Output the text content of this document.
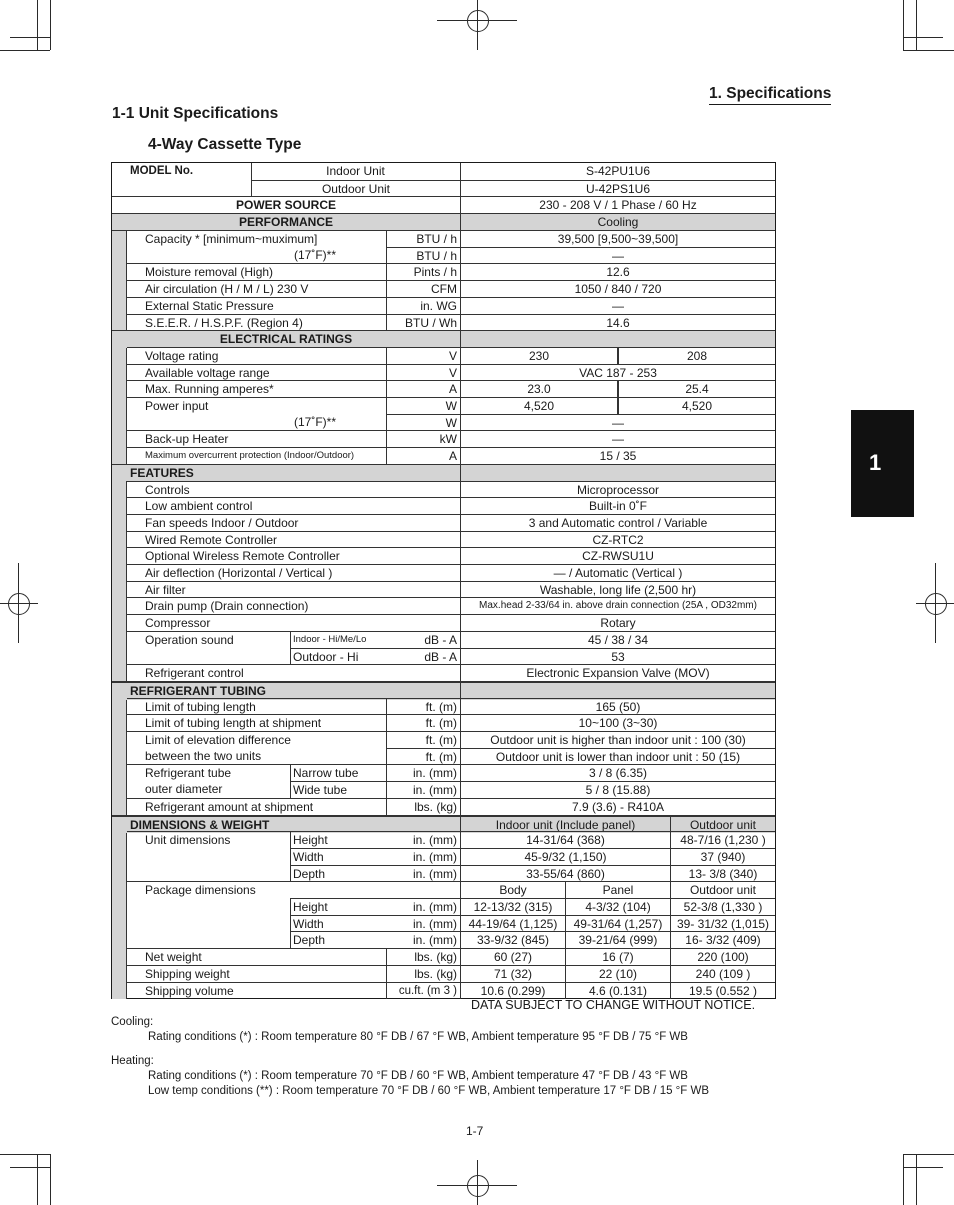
1. Specifications
1-1 Unit Specifications
4-Way Cassette Type
1
MODEL No.	Indoor Unit	S-42PU1U6
Outdoor Unit	U-42PS1U6
POWER SOURCE	230 - 208 V / 1 Phase / 60 Hz
PERFORMANCE	Cooling
Capacity * [minimum~muximum]	BTU / h	39,500 [9,500~39,500]
(17˚F)**	BTU / h	—
Moisture removal (High)	Pints / h	12.6
Air circulation (H / M / L) 230 V	CFM	1050 / 840 / 720
External Static Pressure	in. WG	—
S.E.E.R. / H.S.P.F. (Region 4)	BTU / Wh	14.6
ELECTRICAL RATINGS
Voltage rating	V	230	208
Available voltage range	V	VAC 187 - 253
Max. Running amperes*	A	23.0	25.4
Power input	W	4,520	4,520
(17˚F)**	W	—
Back-up Heater	kW	—
Maximum overcurrent protection (Indoor/Outdoor)	A	15 / 35
FEATURES
Controls	Microprocessor
Low ambient control	Built-in 0˚F
Fan speeds Indoor / Outdoor	3 and Automatic control / Variable
Wired Remote Controller	CZ-RTC2
Optional Wireless Remote Controller	CZ-RWSU1U
Air deflection (Horizontal / Vertical )	— / Automatic (Vertical )
Air filter	Washable, long life (2,500 hr)
Drain pump (Drain connection)	Max.head 2-33/64 in. above drain connection (25A , OD32mm)
Compressor	Rotary
Operation sound	Indoor - Hi/Me/Lo	dB - A	45 / 38 / 34
Outdoor - Hi	dB - A	53
Refrigerant control	Electronic Expansion Valve (MOV)
REFRIGERANT TUBING
Limit of tubing length	ft. (m)	165 (50)
Limit of tubing length at shipment	ft. (m)	10~100 (3~30)
Limit of elevation difference	ft. (m)	Outdoor unit is higher than indoor unit : 100 (30)
between the two units	ft. (m)	Outdoor unit is lower than indoor unit : 50 (15)
Refrigerant tube	Narrow tube	in. (mm)	3 / 8 (6.35)
outer diameter	Wide tube	in. (mm)	5 / 8 (15.88)
Refrigerant amount at shipment	lbs. (kg)	7.9 (3.6) - R410A
DIMENSIONS & WEIGHT	Indoor unit (Include panel)	Outdoor unit
Unit dimensions	Height	in. (mm)	14-31/64 (368)	48-7/16 (1,230 )
Width	in. (mm)	45-9/32 (1,150)	37 (940)
Depth	in. (mm)	33-55/64 (860)	13- 3/8 (340)
Package dimensions	Body	Panel	Outdoor unit
Height	in. (mm)	12-13/32 (315)	4-3/32 (104)	52-3/8 (1,330 )
Width	in. (mm) 44-19/64 (1,125)	49-31/64 (1,257)	39- 31/32 (1,015)
Depth	in. (mm)	33-9/32 (845)	39-21/64 (999)	16- 3/32 (409)
Net weight	lbs. (kg)	60 (27)	16 (7)	220 (100)
Shipping weight	lbs. (kg)	71 (32)	22 (10)	240 (109 )
Shipping volume	cu.ft. (m 3 )	10.6 (0.299)	4.6 (0.131)	19.5 (0.552 )
DATA SUBJECT TO CHANGE WITHOUT NOTICE.
Cooling:
Rating conditions (*) : Room temperature 80 °F DB / 67 °F WB, Ambient temperature 95 °F DB / 75 °F WB
Heating:
Rating conditions (*) : Room temperature 70 °F DB / 60 °F WB, Ambient temperature 47 °F DB / 43 °F WB
Low temp conditions (**) : Room temperature 70 °F DB / 60 °F WB, Ambient temperature 17 °F DB / 15 °F WB
1-7
